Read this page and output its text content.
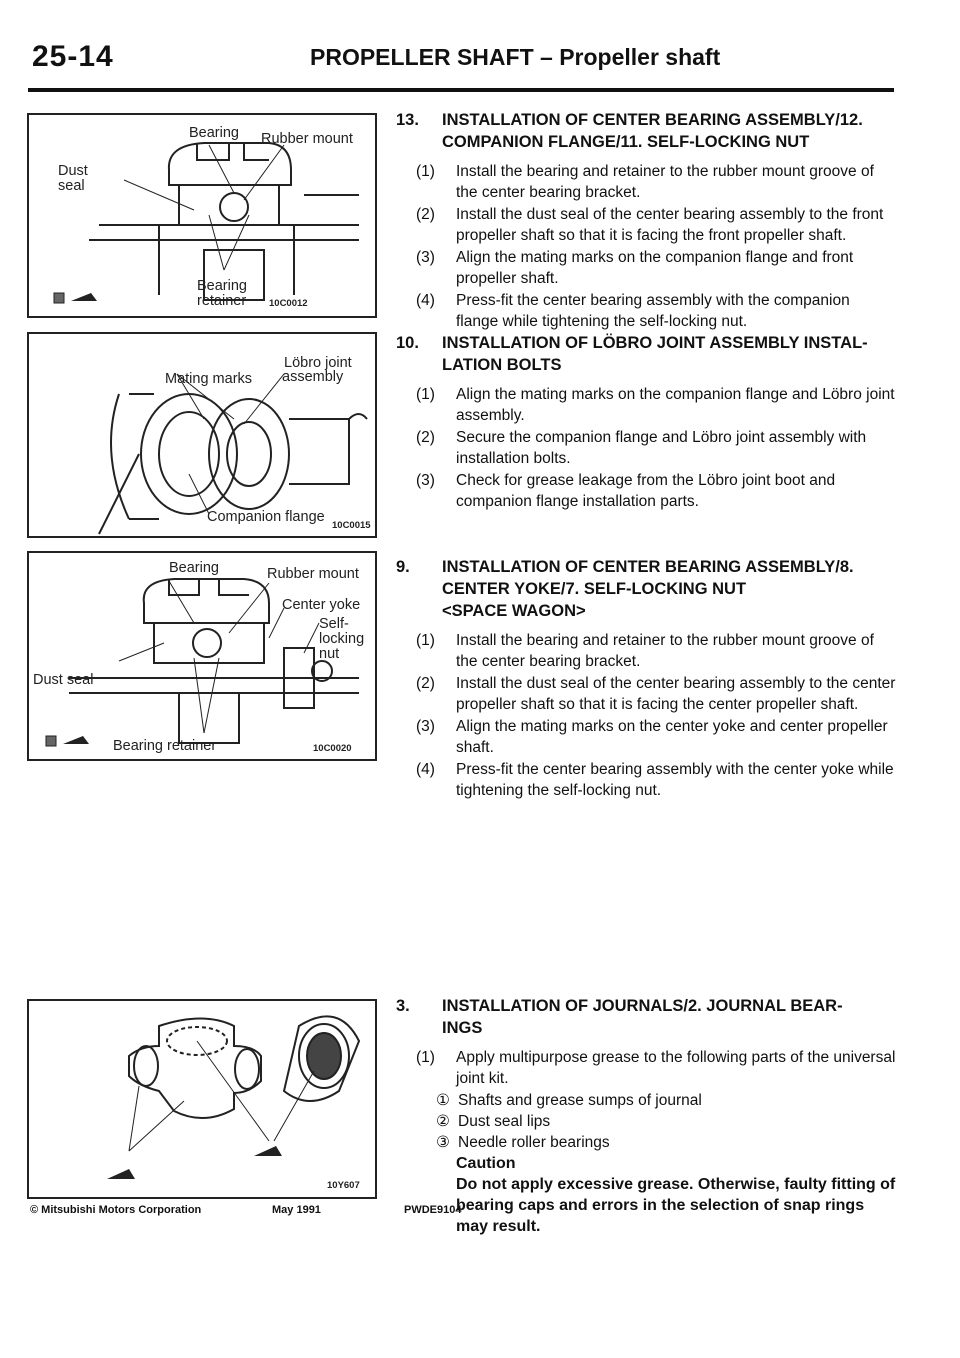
25-14	PROPELLER SHAFT – Propeller shaft
Bearing Rubber mount
Dust
seal
Bearing
retainer 10C0012
Löbro joint
assembly
Mating marks
Companion flange
10C0015
Bearing	Rubber mount
Center yoke
Self-
locking
nut
Dust seal
Bearing retainer	10C0020
10Y607
© Mitsubishi Motors Corporation	May 1991	PWDE9104
13. INSTALLATION OF CENTER BEARING ASSEMBLY/12.
COMPANION FLANGE/11. SELF-LOCKING NUT
(1) Install the bearing and retainer to the rubber mount groove of the center bearing bracket.
(2) Install the dust seal of the center bearing assembly to the front propeller shaft so that it is facing the front propeller shaft.
(3) Align the mating marks on the companion flange and front propeller shaft.
(4) Press-fit the center bearing assembly with the companion flange while tightening the self-locking nut.
10. INSTALLATION OF LÖBRO JOINT ASSEMBLY INSTAL-
LATION BOLTS
(1) Align the mating marks on the companion flange and Löbro joint assembly.
(2) Secure the companion flange and Löbro joint assembly with installation bolts.
(3) Check for grease leakage from the Löbro joint boot and companion flange installation parts.
9. INSTALLATION OF CENTER BEARING ASSEMBLY/8.
CENTER YOKE/7. SELF-LOCKING NUT
<SPACE WAGON>
(1) Install the bearing and retainer to the rubber mount groove of the center bearing bracket.
(2) Install the dust seal of the center bearing assembly to the center propeller shaft so that it is facing the center propeller shaft.
(3) Align the mating marks on the center yoke and center propeller shaft.
(4) Press-fit the center bearing assembly with the center yoke while tightening the self-locking nut.
3. INSTALLATION OF JOURNALS/2. JOURNAL BEAR-
INGS
(1) Apply multipurpose grease to the following parts of the universal joint kit.
① Shafts and grease sumps of journal
② Dust seal lips
③ Needle roller bearings
Caution
Do not apply excessive grease. Otherwise, faulty fitting of bearing caps and errors in the selection of snap rings may result.
